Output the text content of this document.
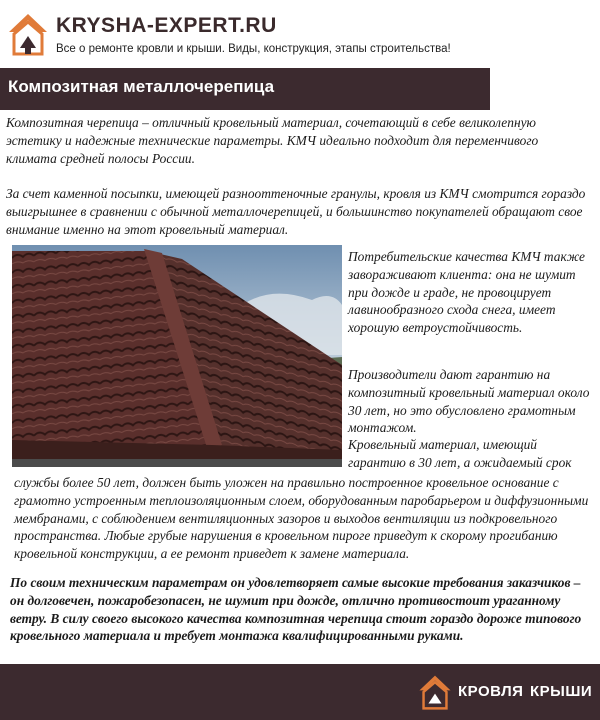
KRYSHA-EXPERT.RU
Все о ремонте кровли и крыши. Виды, конструкция, этапы строительства!
Композитная металлочерепица

Композитная черепица – отличный кровельный материал, сочетающий в себе великолепную эстетику и надежные технические параметры. КМЧ идеально подходит для переменчивого климата средней полосы России.

За счет каменной посыпки, имеющей разнооттеночные гранулы, кровля из КМЧ смотрится гораздо выигрышнее в сравнении с обычной металлочерепицей, и большинство покупателей обращают свое внимание именно на этот кровельный материал.

Потребительские качества КМЧ также завораживают клиента: она не шумит при дожде и граде, не провоцирует лавинообразного схода снега, имеет хорошую ветроустойчивость.

Производители дают гарантию на композитный кровельный материал около 30 лет, но это обусловлено грамотным монтажом.

Кровельный материал, имеющий гарантию в 30 лет, а ожидаемый срок

службы более 50 лет, должен быть уложен на правильно построенное кровельное основание с грамотно устроенным теплоизоляционным слоем, оборудованным паробарьером и диффузионными мембранами, с соблюдением вентиляционных зазоров и выходов вентиляции из подкровельного пространства. Любые грубые нарушения в кровельном пироге приведут к скорому прогибанию кровельной конструкции, а ее ремонт приведет к замене материала.

По своим техническим параметрам он удовлетворяет самые высокие требования заказчиков – он долговечен, пожаробезопасен, не шумит при дожде, отлично противостоит ураганному ветру. В силу своего высокого качества композитная черепица стоит гораздо дороже типового кровельного материала и требует монтажа квалифицированными руками.

КРОВЛЯ КРЫШИ
